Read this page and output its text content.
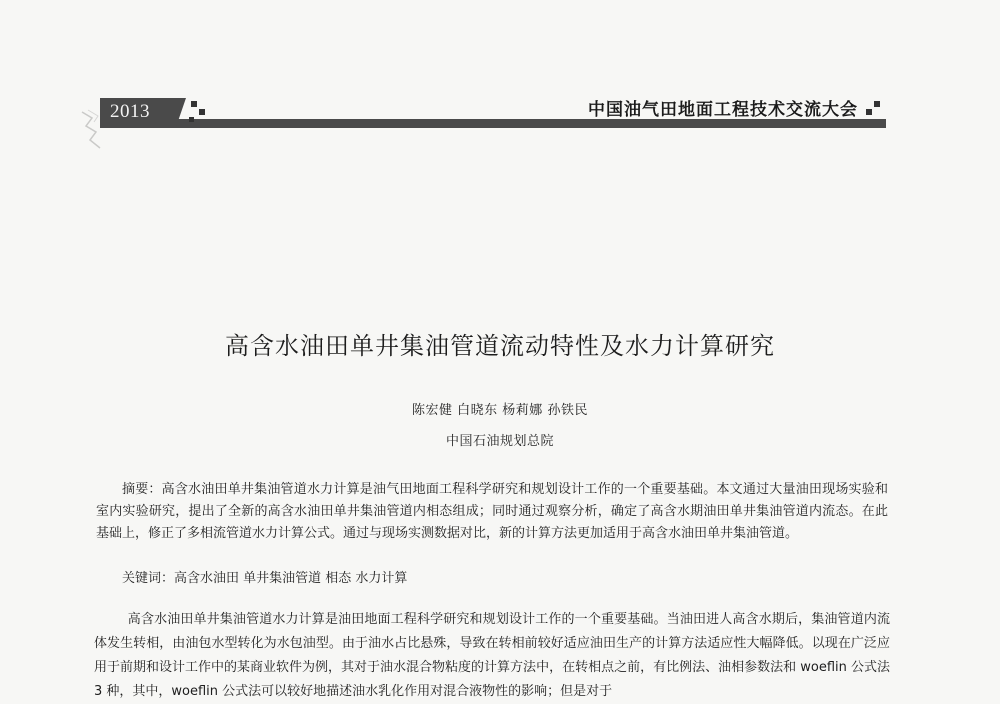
2013	中国油气田地面工程技术交流大会
高含水油田单井集油管道流动特性及水力计算研究
陈宏健 白晓东 杨莉娜 孙铁民
中国石油规划总院

摘要：高含水油田单井集油管道水力计算是油气田地面工程科学研究和规划设计工作的一个重要基础。本文通过大量油田现场实验和室内实验研究，提出了全新的高含水油田单井集油管道内相态组成；同时通过观察分析，确定了高含水期油田单井集油管道内流态。在此基础上，修正了多相流管道水力计算公式。通过与现场实测数据对比，新的计算方法更加适用于高含水油田单井集油管道。

关键词：高含水油田 单井集油管道 相态 水力计算

高含水油田单井集油管道水力计算是油田地面工程科学研究和规划设计工作的一个重要基础。当油田进人高含水期后，集油管道内流体发生转相，由油包水型转化为水包油型。由于油水占比悬殊，导致在转相前较好适应油田生产的计算方法适应性大幅降低。以现在广泛应用于前期和设计工作中的某商业软件为例，其对于油水混合物粘度的计算方法中，在转相点之前，有比例法、油相参数法和 woeflin 公式法 3 种，其中，woeflin 公式法可以较好地描述油水乳化作用对混合液物性的影响；但是对于
